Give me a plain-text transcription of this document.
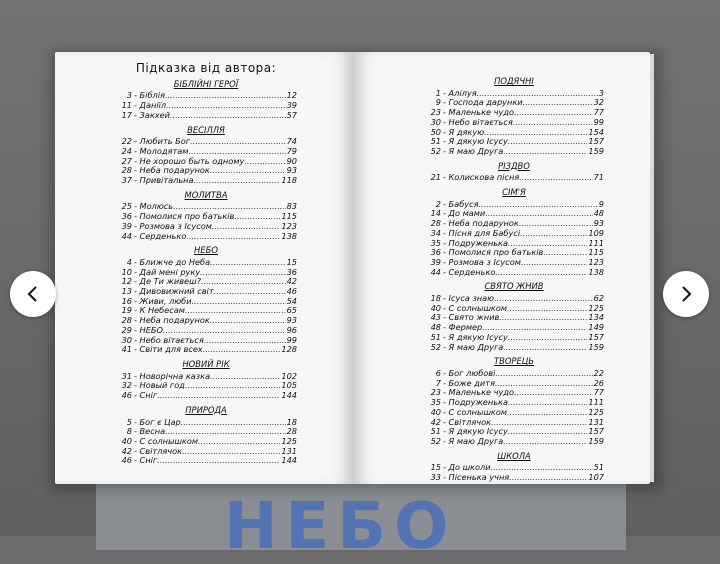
НЕБО
Підказка від автора:
БІБЛІЙНІ ГЕРОЇ
3 - Біблія .....	12
11 - Даніїл .....	39
17 - Закхей .....	57
ВЕСІЛЛЯ
22 - Любить Бог .....	74
24 - Молодятам .....	79
27 - Не хорошо быть одному .....	90
28 - Неба подарунок .....	93
37 - Привітальна .....	118
МОЛИТВА
25 - Молюсь .....	83
36 - Помолися про батьків .....	115
39 - Розмова з Ісусом .....	123
44 - Серденько .....	138
НЕБО
4 - Ближче до Неба .....	15
10 - Дай мені руку .....	36
12 - Де Ти живеш? .....	42
13 - Дивовижний світ .....	46
16 - Живи, люби .....	54
19 - К Небесам .....	65
28 - Неба подарунок .....	93
29 - НЕБО .....	96
30 - Небо вітається .....	99
41 - Світи для всех .....	128
НОВИЙ РІК
31 - Новорічна казка .....	102
32 - Новый год .....	105
46 - Сніг .....	144
ПРИРОДА
5 - Бог є Цар .....	18
8 - Весна .....	28
40 - С солнышком .....	125
42 - Світлячок .....	131
46 - Сніг .....	144
ПОДЯЧНІ
1 - Алілуя .....	3
9 - Господа дарунки .....	32
23 - Маленьке чудо .....	77
30 - Небо вітається .....	99
50 - Я дякую .....	154
51 - Я дякую Ісусу .....	157
52 - Я маю Друга .....	159
РІЗДВО
21 - Колискова пісня .....	71
СІМ'Я
2 - Бабуся .....	9
14 - До мами .....	48
28 - Неба подарунок .....	93
34 - Пісня для Бабусі .....	109
35 - Подруженька .....	111
36 - Помолися про батьків .....	115
39 - Розмова з Ісусом .....	123
44 - Серденько .....	138
СВЯТО ЖНИВ
18 - Ісуса знаю .....	62
40 - С солнышком .....	125
43 - Свято жнив .....	134
48 - Фермер .....	149
51 - Я дякую Ісусу .....	157
52 - Я маю Друга .....	159
ТВОРЕЦЬ
6 - Бог любові .....	22
7 - Боже дитя .....	26
23 - Маленьке чудо .....	77
35 - Подруженька .....	111
40 - С солнышком .....	125
42 - Світлячок .....	131
51 - Я дякую Ісусу .....	157
52 - Я маю Друга .....	159
ШКОЛА
15 - До школи .....	51
33 - Пісенька учня .....	107
